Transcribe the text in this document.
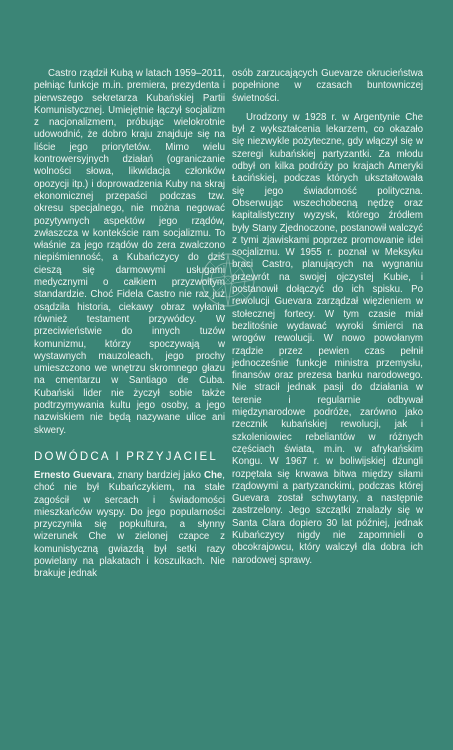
Castro rządził Kubą w latach 1959–2011, pełniąc funkcje m.in. premiera, prezydenta i pierwszego sekretarza Kubańskiej Partii Komunistycznej. Umiejętnie łączył socjalizm z nacjonalizmem, próbując wielokrotnie udowodnić, że dobro kraju znajduje się na liście jego priorytetów. Mimo wielu kontrowersyjnych działań (ograniczanie wolności słowa, likwidacja członków opozycji itp.) i doprowadzenia Kuby na skraj ekonomicznej przepaści podczas tzw. okresu specjalnego, nie można negować pozytywnych aspektów jego rządów, zwłaszcza w kontekście ram socjalizmu. To właśnie za jego rządów do zera zwalczono niepiśmienność, a Kubańczycy do dziś cieszą się darmowymi usługami medycznymi o całkiem przyzwoitym standardzie. Choć Fidela Castro nie raz już osądziła historia, ciekawy obraz wyłania również testament przywódcy. W przeciwieństwie do innych tuzów komunizmu, którzy spoczywają w wystawnych mauzoleach, jego prochy umieszczono we wnętrzu skromnego głazu na cmentarzu w Santiago de Cuba. Kubański lider nie życzył sobie także podtrzymywania kultu jego osoby, a jego nazwiskiem nie będą nazywane ulice ani skwery.

DOWÓDCA I PRZYJACIEL

Ernesto Guevara, znany bardziej jako Che, choć nie był Kubańczykiem, na stałe zagościł w sercach i świadomości mieszkańców wyspy. Do jego popularności przyczyniła się popkultura, a słynny wizerunek Che w zielonej czapce z komunistyczną gwiazdą był setki razy powielany na plakatach i koszulkach. Nie brakuje jednak

osób zarzucających Guevarze okrucieństwa popełnione w czasach buntowniczej świetności.

Urodzony w 1928 r. w Argentynie Che był z wykształcenia lekarzem, co okazało się niezwykle pożyteczne, gdy włączył się w szeregi kubańskiej partyzantki. Za młodu odbył on kilka podróży po krajach Ameryki Łacińskiej, podczas których ukształtowała się jego świadomość polityczna. Obserwując wszechobecną nędzę oraz kapitalistyczny wyzysk, którego źródłem były Stany Zjednoczone, postanowił walczyć z tymi zjawiskami poprzez promowanie idei socjalizmu. W 1955 r. poznał w Meksyku braci Castro, planujących na wygnaniu przewrót na swojej ojczystej Kubie, i postanowił dołączyć do ich spisku. Po rewolucji Guevara zarządzał więzieniem w stołecznej fortecy. W tym czasie miał bezlitośnie wydawać wyroki śmierci na wrogów rewolucji. W nowo powołanym rządzie przez pewien czas pełnił jednocześnie funkcje ministra przemysłu, finansów oraz prezesa banku narodowego. Nie stracił jednak pasji do działania w terenie i regularnie odbywał międzynarodowe podróże, zarówno jako rzecznik kubańskiej rewolucji, jak i szkoleniowiec rebeliantów w różnych częściach świata, m.in. w afrykańskim Kongu. W 1967 r. w boliwijskiej dżungli rozpętała się krwawa bitwa między siłami rządowymi a partyzanckimi, podczas której Guevara został schwytany, a następnie zastrzelony. Jego szczątki znalazły się w Santa Clara dopiero 30 lat później, jednak Kubańczycy nigdy nie zapomnieli o obcokrajowcu, który walczył dla dobra ich narodowej sprawy.
